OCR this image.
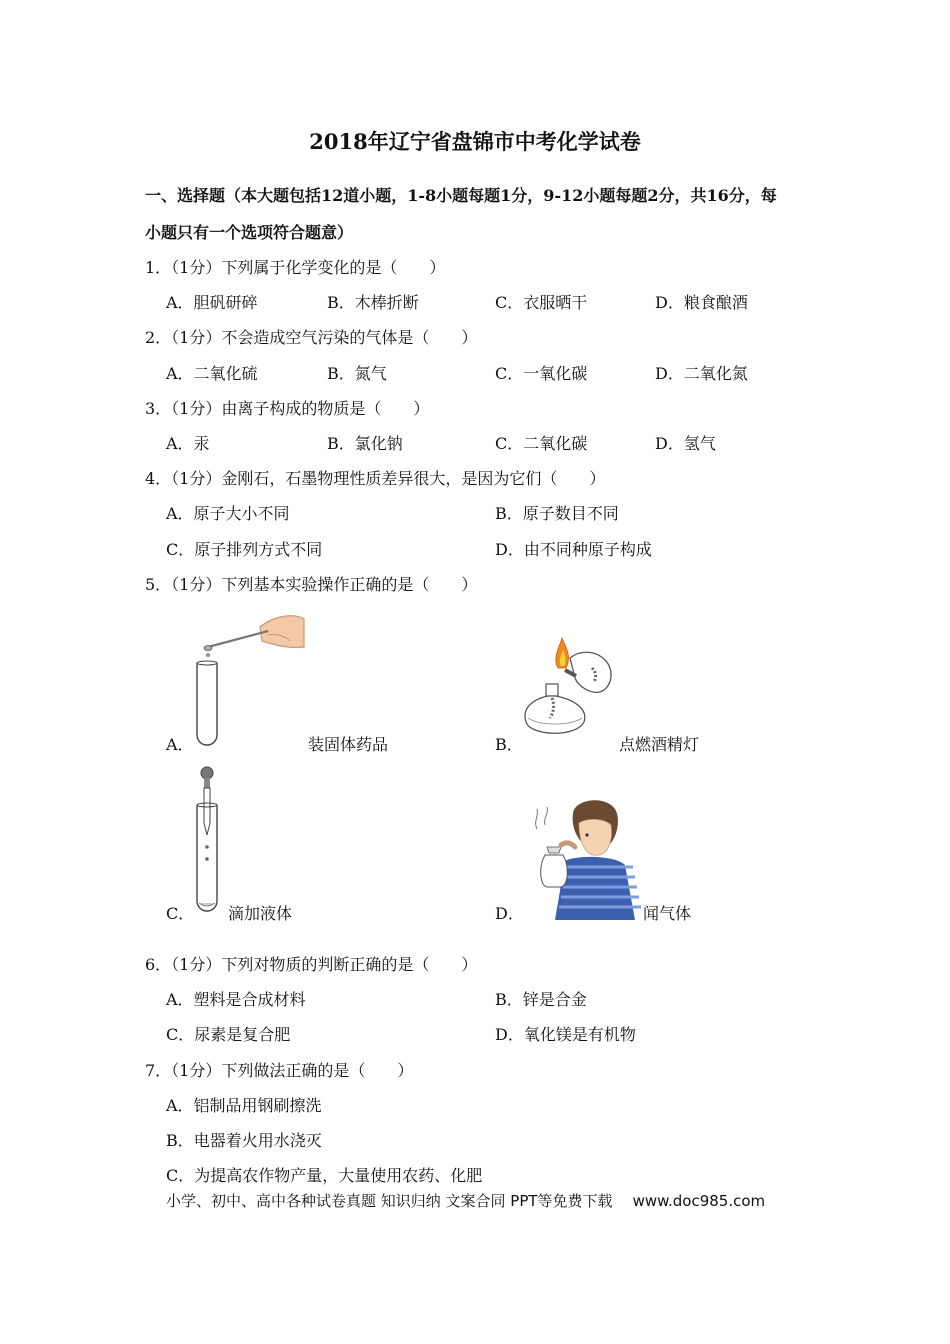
2018年辽宁省盘锦市中考化学试卷
一、选择题（本大题包括12道小题，1-8小题每题1分，9-12小题每题2分，共16分，每
小题只有一个选项符合题意）
1．（1分）下列属于化学变化的是（　　）
A．胆矾研碎	B．木棒折断	C．衣服晒干	D．粮食酿酒
2．（1分）不会造成空气污染的气体是（　　）
A．二氧化硫	B．氮气	C．一氧化碳	D．二氧化氮
3．（1分）由离子构成的物质是（　　）
A．汞	B．氯化钠	C．二氧化碳	D．氢气
4．（1分）金刚石，石墨物理性质差异很大，是因为它们（　　）
A．原子大小不同	B．原子数目不同
C．原子排列方式不同	D．由不同种原子构成
5．（1分）下列基本实验操作正确的是（　　）
A．	装固体药品	B．	点燃酒精灯
C． 滴加液体	D．	闻气体
6．（1分）下列对物质的判断正确的是（　　）
A．塑料是合成材料	B．锌是合金
C．尿素是复合肥	D．氧化镁是有机物
7．（1分）下列做法正确的是（　　）
A．铝制品用钢刷擦洗
B．电器着火用水浇灭
C．为提高农作物产量，大量使用农药、化肥
小学、初中、高中各种试卷真题 知识归纳 文案合同 PPT等免费下载 www.doc985.com
